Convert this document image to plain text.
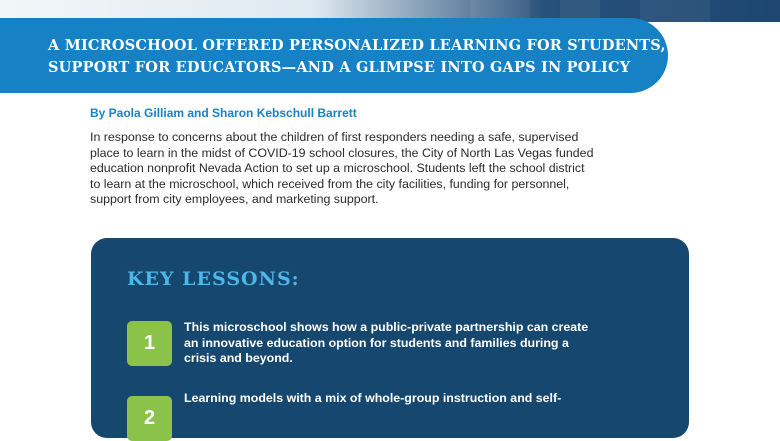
A MICROSCHOOL OFFERED PERSONALIZED LEARNING FOR STUDENTS,
SUPPORT FOR EDUCATORS—AND A GLIMPSE INTO GAPS IN POLICY
By Paola Gilliam and Sharon Kebschull Barrett
In response to concerns about the children of first responders needing a safe, supervised
place to learn in the midst of COVID-19 school closures, the City of North Las Vegas funded
education nonprofit Nevada Action to set up a microschool. Students left the school district
to learn at the microschool, which received from the city facilities, funding for personnel,
support from city employees, and marketing support.
KEY LESSONS:
1
This microschool shows how a public-private partnership can create
an innovative education option for students and families during a
crisis and beyond.
2
Learning models with a mix of whole-group instruction and self-
